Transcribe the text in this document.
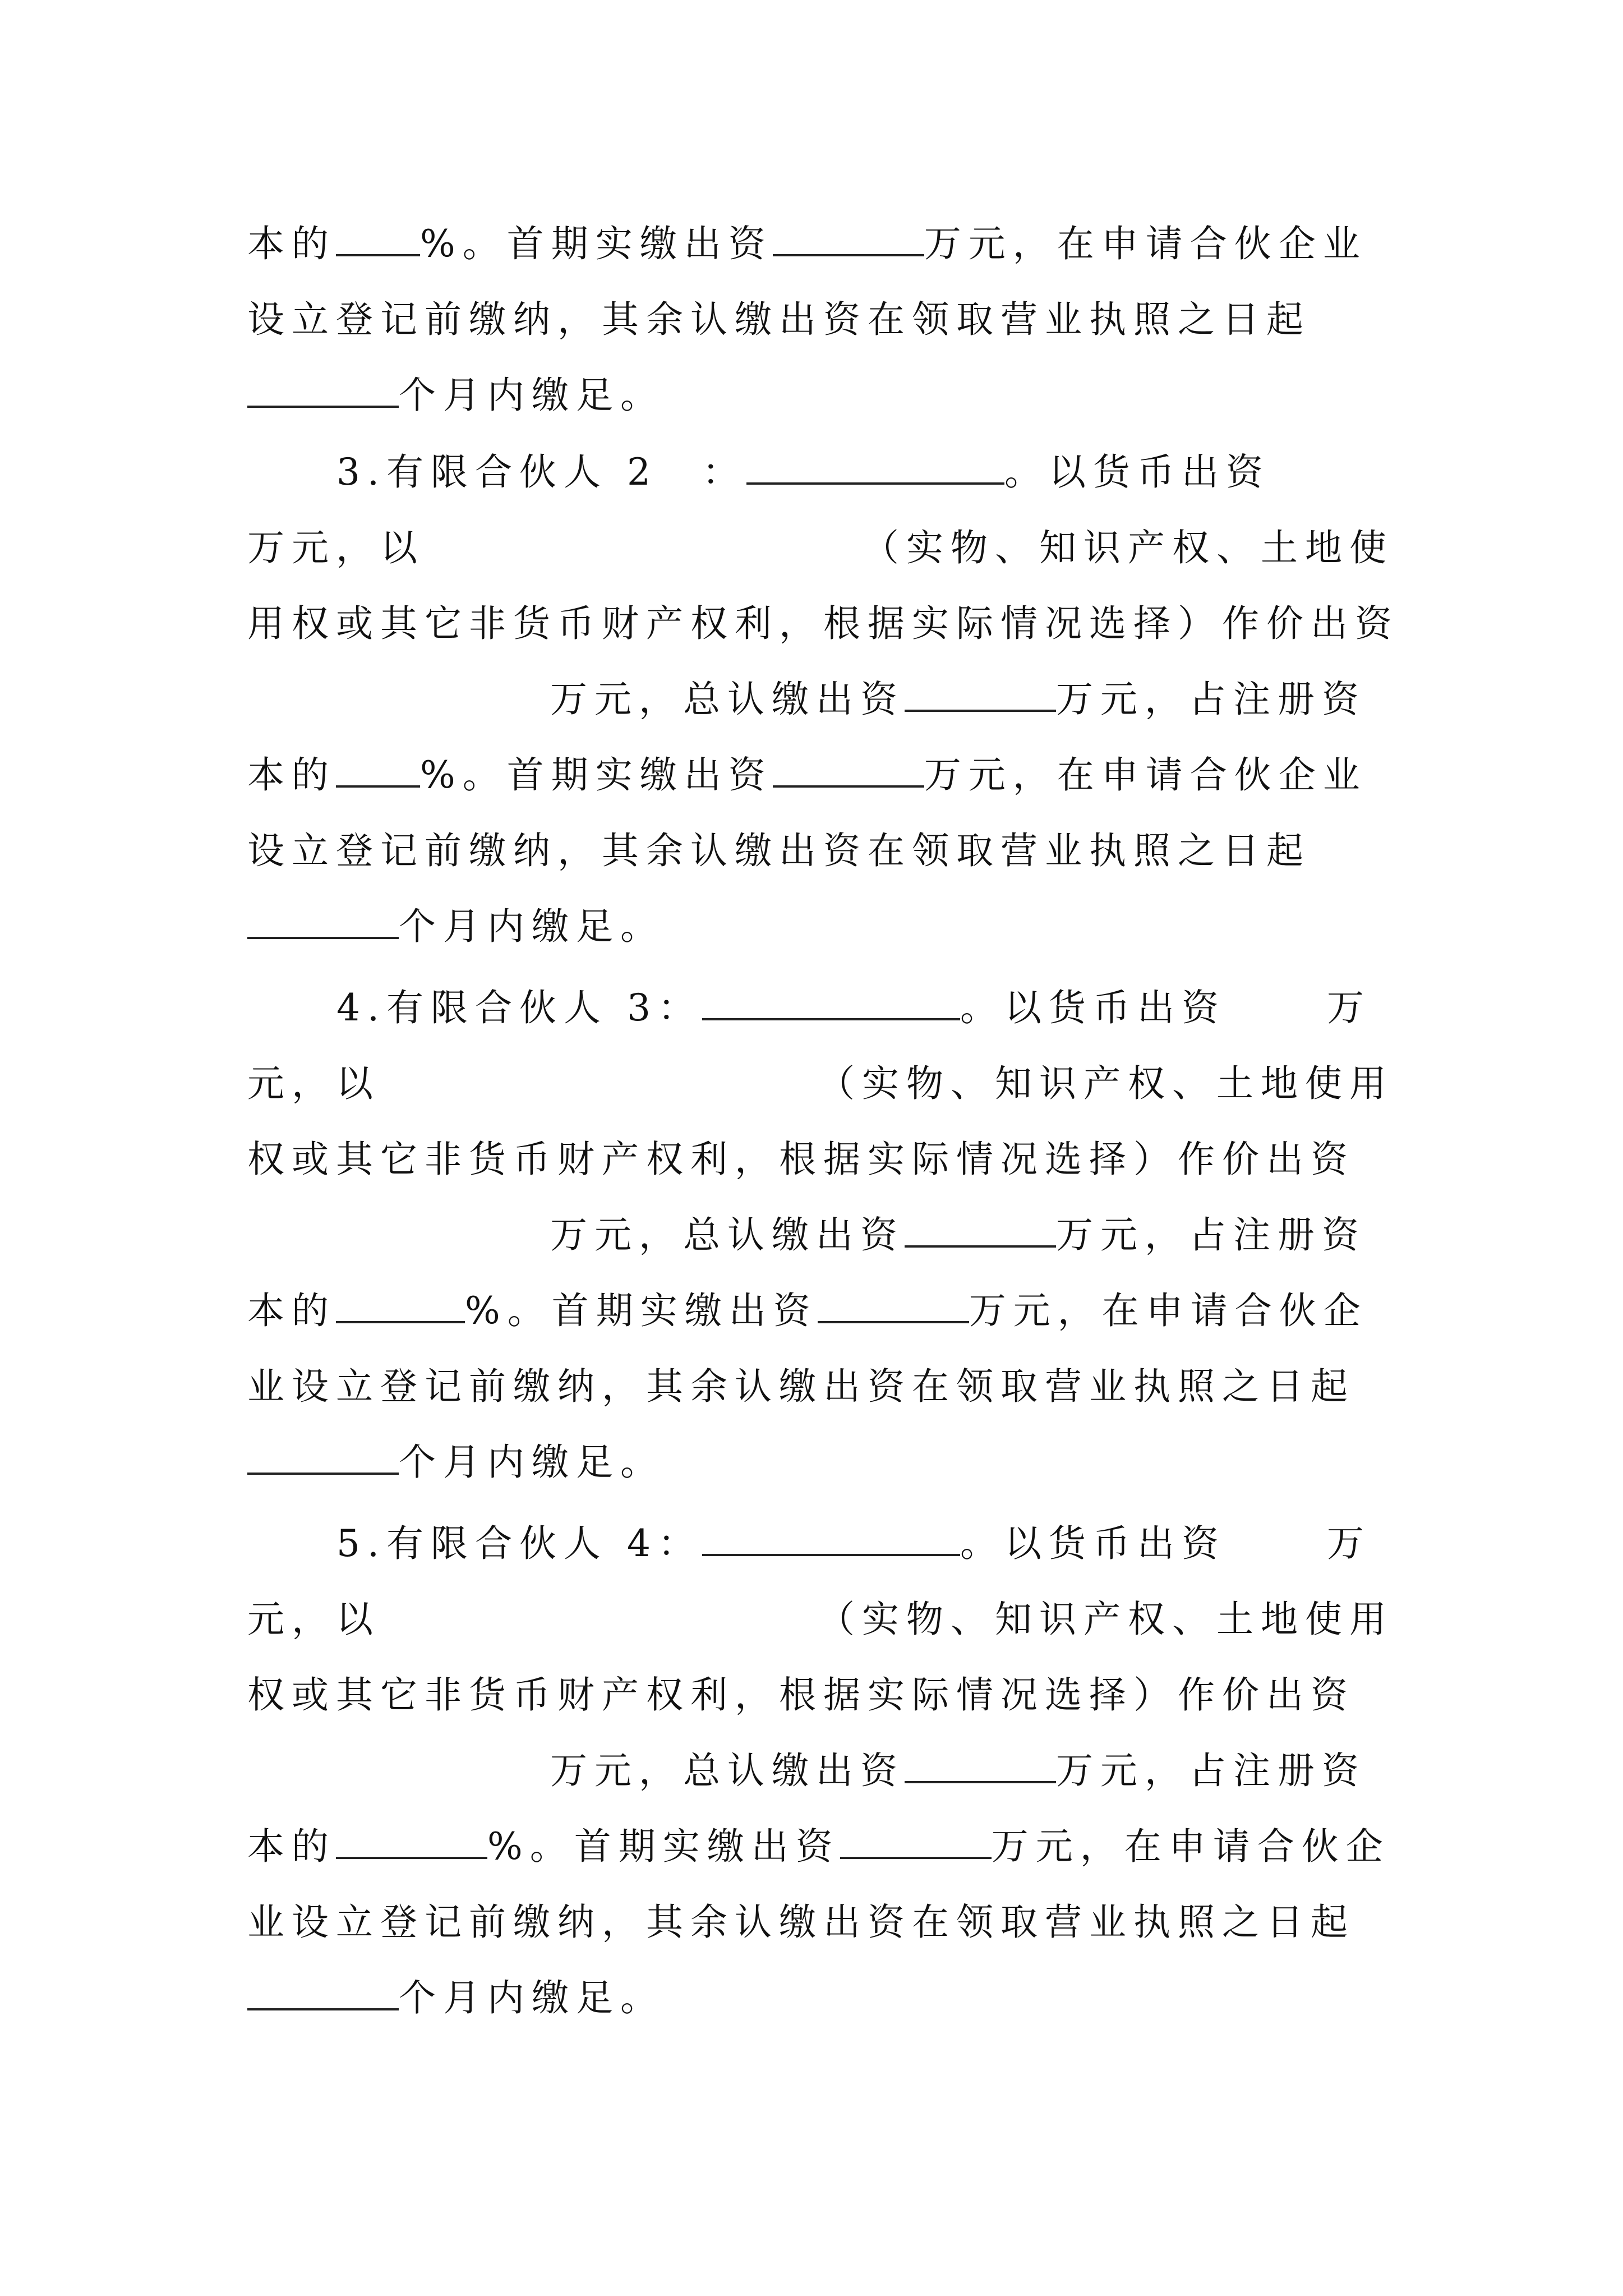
本的 %。首期实缴出资	万元，在申请合伙企业
设立登记前缴纳，其余认缴出资在领取营业执照之日起
个月内缴足。
3.有限合伙人 2　：	。以货币出资
万元，以	（实物、知识产权、土地使
用权或其它非货币财产权利，根据实际情况选择）作价出资
万元，总认缴出资	万元，占注册资
本的 %。首期实缴出资	万元，在申请合伙企业
设立登记前缴纳，其余认缴出资在领取营业执照之日起
个月内缴足。
4.有限合伙人 3：	。以货币出资	万
元，以	（实物、知识产权、土地使用
权或其它非货币财产权利，根据实际情况选择）作价出资
万元，总认缴出资	万元，占注册资
本的	%。首期实缴出资	万元，在申请合伙企
业设立登记前缴纳，其余认缴出资在领取营业执照之日起
个月内缴足。
5.有限合伙人 4：	。以货币出资	万
元，以	（实物、知识产权、土地使用
权或其它非货币财产权利，根据实际情况选择）作价出资
万元，总认缴出资	万元，占注册资
本的	%。首期实缴出资	万元，在申请合伙企
业设立登记前缴纳，其余认缴出资在领取营业执照之日起
个月内缴足。
